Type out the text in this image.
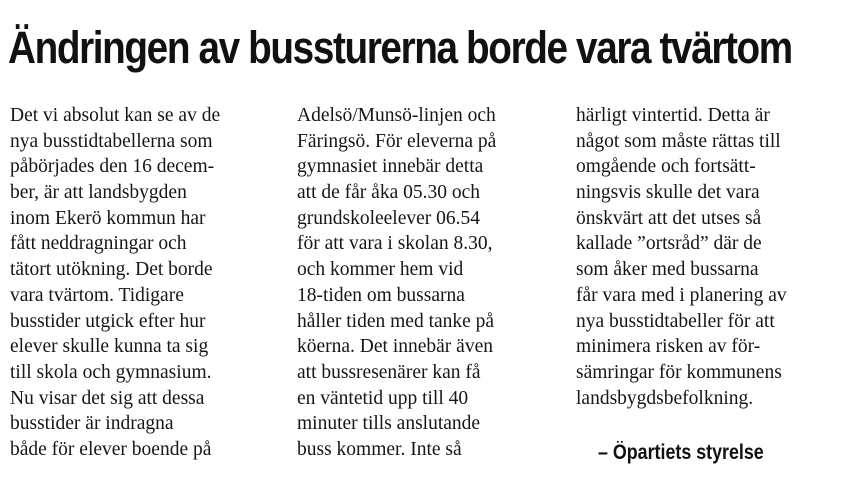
Ändringen av bussturerna borde vara tvärtom
Det vi absolut kan se av de
nya busstidtabellerna som
påbörjades den 16 decem-
ber, är att landsbygden
inom Ekerö kommun har
fått neddragningar och
tätort utökning. Det borde
vara tvärtom. Tidigare
busstider utgick efter hur
elever skulle kunna ta sig
till skola och gymnasium.
Nu visar det sig att dessa
busstider är indragna
både för elever boende på
Adelsö/Munsö-linjen och
Färingsö. För eleverna på
gymnasiet innebär detta
att de får åka 05.30 och
grundskoleelever 06.54
för att vara i skolan 8.30,
och kommer hem vid
18-tiden om bussarna
håller tiden med tanke på
köerna. Det innebär även
att bussresenärer kan få
en väntetid upp till 40
minuter tills anslutande
buss kommer. Inte så
härligt vintertid. Detta är
något som måste rättas till
omgående och fortsätt-
ningsvis skulle det vara
önskvärt att det utses så
kallade ”ortsråd” där de
som åker med bussarna
får vara med i planering av
nya busstidtabeller för att
minimera risken av för-
sämringar för kommunens
landsbygdsbefolkning.
– Öpartiets styrelse
